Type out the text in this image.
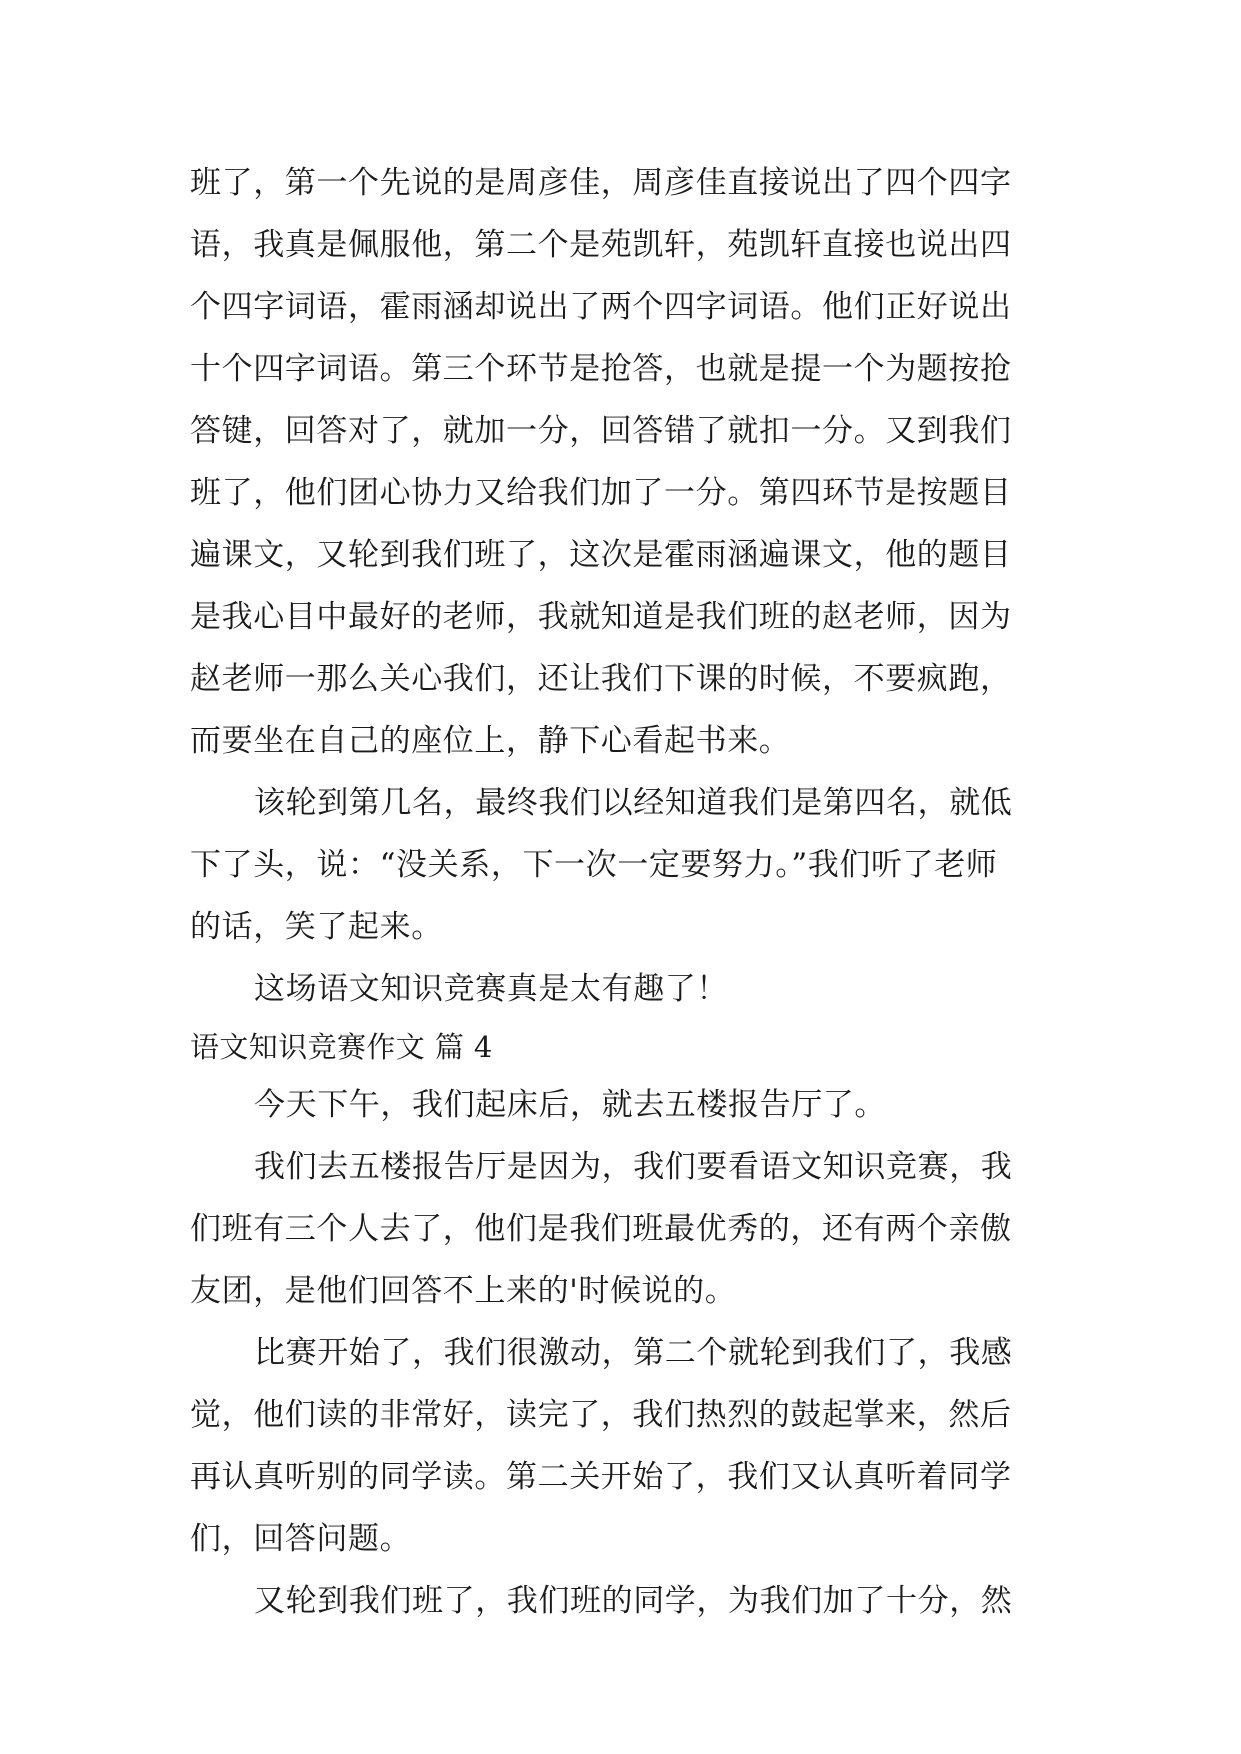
班了，第一个先说的是周彦佳，周彦佳直接说出了四个四字
语，我真是佩服他，第二个是苑凯轩，苑凯轩直接也说出四
个四字词语，霍雨涵却说出了两个四字词语。他们正好说出
十个四字词语。第三个环节是抢答，也就是提一个为题按抢
答键，回答对了，就加一分，回答错了就扣一分。又到我们
班了，他们团心协力又给我们加了一分。第四环节是按题目
遍课文，又轮到我们班了，这次是霍雨涵遍课文，他的题目
是我心目中最好的老师，我就知道是我们班的赵老师，因为
赵老师一那么关心我们，还让我们下课的时候，不要疯跑，
而要坐在自己的座位上，静下心看起书来。
该轮到第几名，最终我们以经知道我们是第四名，就低
下了头，说：“没关系，下一次一定要努力。”我们听了老师
的话，笑了起来。
这场语文知识竞赛真是太有趣了！
语文知识竞赛作文 篇 4
今天下午，我们起床后，就去五楼报告厅了。
我们去五楼报告厅是因为，我们要看语文知识竞赛，我
们班有三个人去了，他们是我们班最优秀的，还有两个亲傲
友团，是他们回答不上来的'时候说的。
比赛开始了，我们很激动，第二个就轮到我们了，我感
觉，他们读的非常好，读完了，我们热烈的鼓起掌来，然后
再认真听别的同学读。第二关开始了，我们又认真听着同学
们，回答问题。
又轮到我们班了，我们班的同学，为我们加了十分，然
